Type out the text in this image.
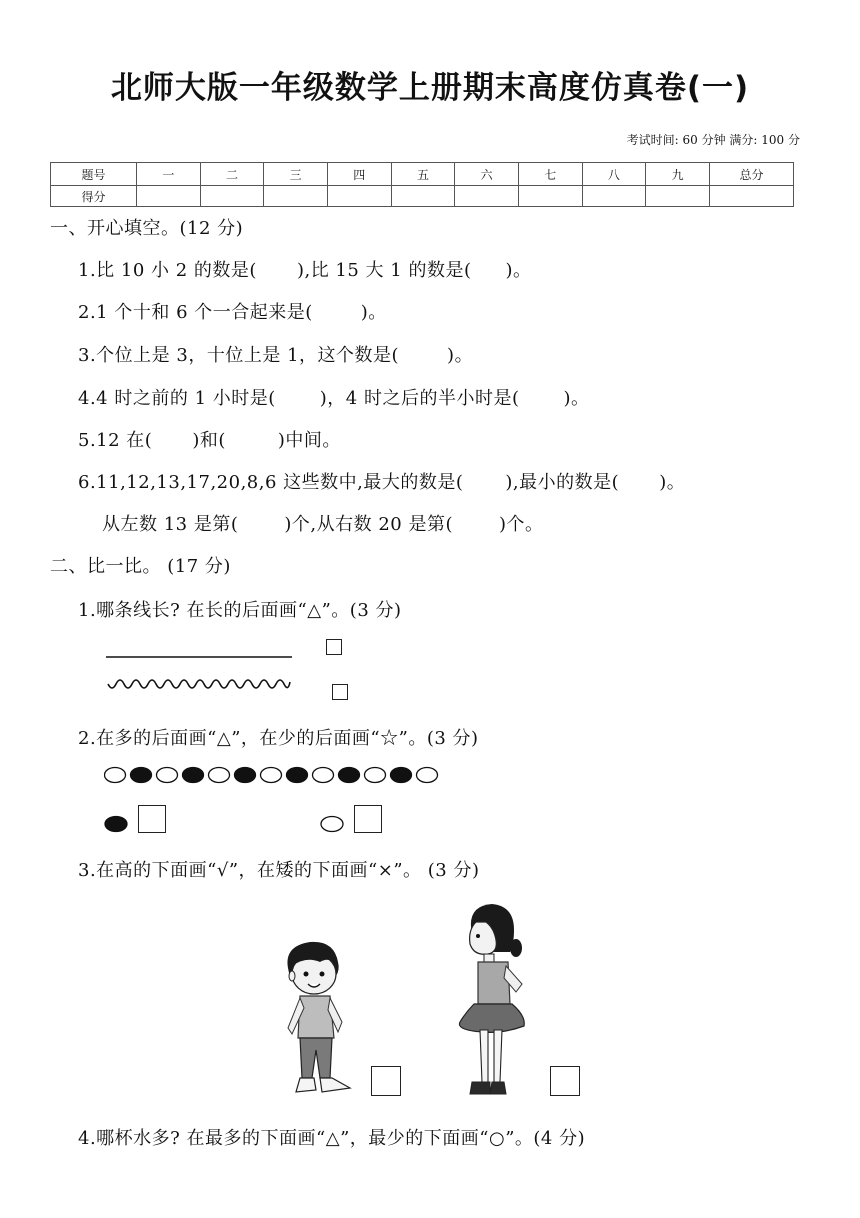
北师大版一年级数学上册期末高度仿真卷(一)
考试时间: 60 分钟 满分: 100 分
题号	一	二	三	四	五	六	七	八	九	总分
得分										
一、开心填空。(12 分)
1.比 10 小 2 的数是( ),比 15 大 1 的数是( )。
2.1 个十和 6 个一合起来是(	)。
3.个位上是 3，十位上是 1，这个数是(	)。
4.4 时之前的 1 小时是( )，4 时之后的半小时是( )。
5.12 在( )和(	)中间。
6.11,12,13,17,20,8,6 这些数中,最大的数是( ),最小的数是( )。
从左数 13 是第(	)个,从右数 20 是第(	)个。
二、比一比。 (17 分)
1.哪条线长? 在长的后面画“△”。(3 分)
2.在多的后面画“△”，在少的后面画“☆”。(3 分)
3.在高的下面画“√”，在矮的下面画“×”。 (3 分)
4.哪杯水多? 在最多的下面画“△”，最少的下面画“○”。(4 分)
